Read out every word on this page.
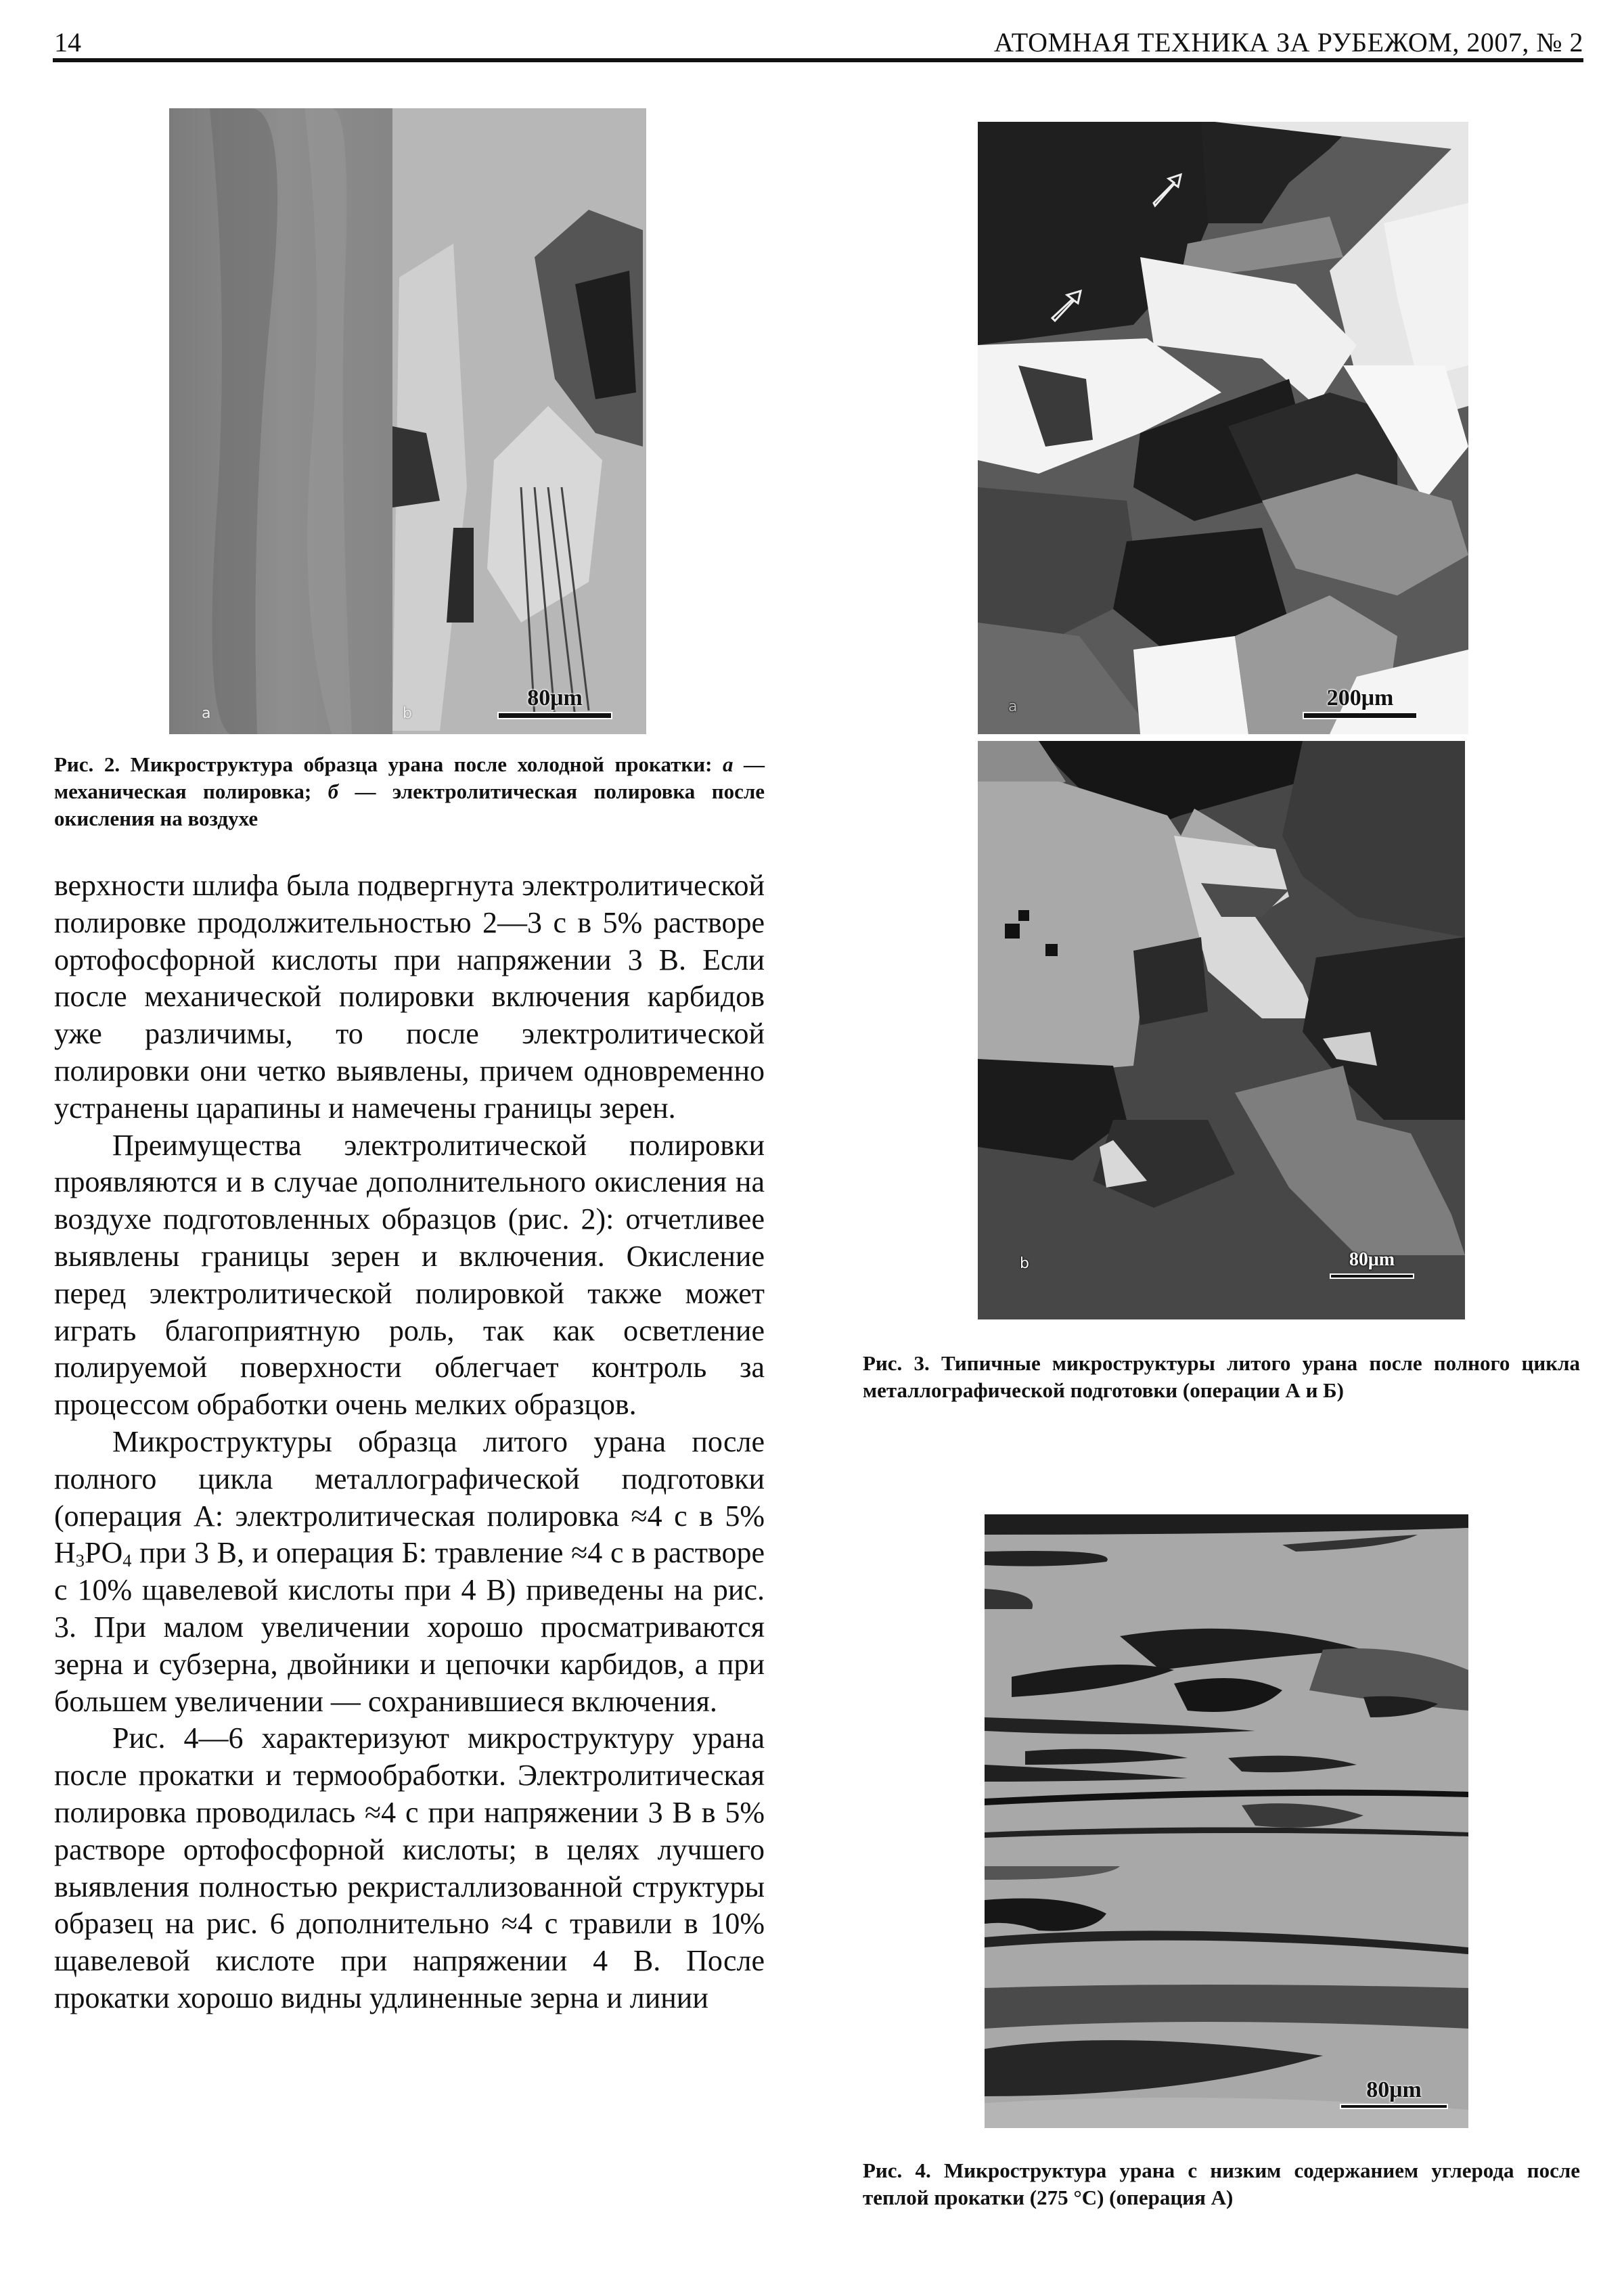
14	АТОМНАЯ ТЕХНИКА ЗА РУБЕЖОМ, 2007, № 2
a	b
80μm
Рис. 2. Микроструктура образца урана после холодной прокатки: а — механическая полировка; б — электролитическая полировка после окисления на воздухе
a	200μm
b	80μm
Рис. 3. Типичные микроструктуры литого урана после полного цикла металлографической подготовки (операции А и Б)
80μm
Рис. 4. Микроструктура урана с низким содержанием углерода после теплой прокатки (275 °С) (операция А)

верхности шлифа была подвергнута электролитической полировке продолжительностью 2—3 с в 5% растворе ортофосфорной кислоты при напряжении 3 В. Если после механической полировки включения карбидов уже различимы, то после электролитической полировки они четко выявлены, причем одновременно устранены царапины и намечены границы зерен.

Преимущества электролитической полировки проявляются и в случае дополнительного окисления на воздухе подготовленных образцов (рис. 2): отчетливее выявлены границы зерен и включения. Окисление перед электролитической полировкой также может играть благоприятную роль, так как осветление полируемой поверхности облегчает контроль за процессом обработки очень мелких образцов.

Микроструктуры образца литого урана после полного цикла металлографической подготовки (операция А: электролитическая полировка ≈4 с в 5% $H_3PO_4$ при 3 В, и операция Б: травление ≈4 с в растворе с 10% щавелевой кислоты при 4 В) приведены на рис. 3. При малом увеличении хорошо просматриваются зерна и субзерна, двойники и цепочки карбидов, а при большем увеличении — сохранившиеся включения.

Рис. 4—6 характеризуют микроструктуру урана после прокатки и термообработки. Электролитическая полировка проводилась ≈4 с при напряжении 3 В в 5% растворе ортофосфорной кислоты; в целях лучшего выявления полностью рекристаллизованной структуры образец на рис. 6 дополнительно ≈4 с травили в 10% щавелевой кислоте при напряжении 4 В. После прокатки хорошо видны удлиненные зерна и линии
